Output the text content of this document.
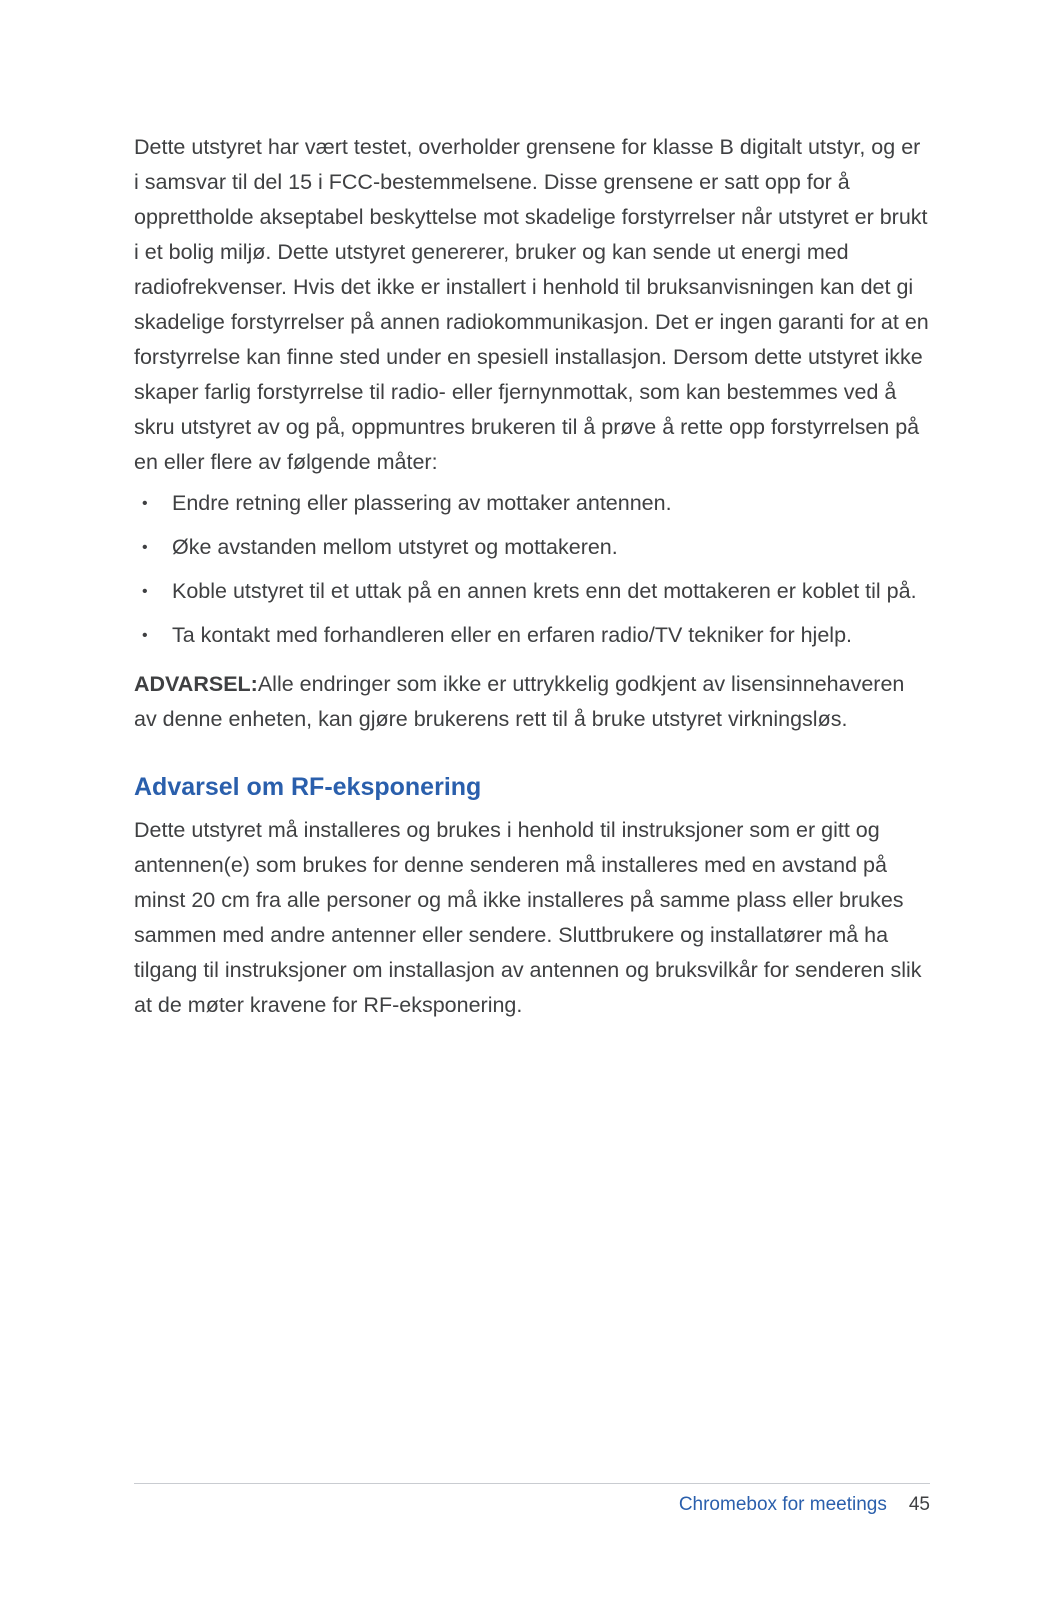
Dette utstyret har vært testet, overholder grensene for klasse B digitalt utstyr, og er i samsvar til del 15 i FCC-bestemmelsene. Disse grensene er satt opp for å opprettholde akseptabel beskyttelse mot skadelige forstyrrelser når utstyret er brukt i et bolig miljø. Dette utstyret genererer, bruker og kan sende ut energi med radiofrekvenser. Hvis det ikke er installert i henhold til bruksanvisningen kan det gi skadelige forstyrrelser på annen radiokommunikasjon. Det er ingen garanti for at en forstyrrelse kan finne sted under en spesiell installasjon. Dersom dette utstyret ikke skaper farlig forstyrrelse til radio- eller fjernynmottak, som kan bestemmes ved å skru utstyret av og på, oppmuntres brukeren til å prøve å rette opp forstyrrelsen på en eller flere av følgende måter:

•	Endre retning eller plassering av mottaker antennen.
•	Øke avstanden mellom utstyret og mottakeren.
•	Koble utstyret til et uttak på en annen krets enn det mottakeren er koblet til på.
•	Ta kontakt med forhandleren eller en erfaren radio/TV tekniker for hjelp.

ADVARSEL:Alle endringer som ikke er uttrykkelig godkjent av lisensinnehaveren av denne enheten, kan gjøre brukerens rett til å bruke utstyret virkningsløs.

Advarsel om RF-eksponering

Dette utstyret må installeres og brukes i henhold til instruksjoner som er gitt og antennen(e) som brukes for denne senderen må installeres med en avstand på minst 20 cm fra alle personer og må ikke installeres på samme plass eller brukes sammen med andre antenner eller sendere. Sluttbrukere og installatører må ha tilgang til instruksjoner om installasjon av antennen og bruksvilkår for senderen slik at de møter kravene for RF-eksponering.

Chromebox for meetings 45
